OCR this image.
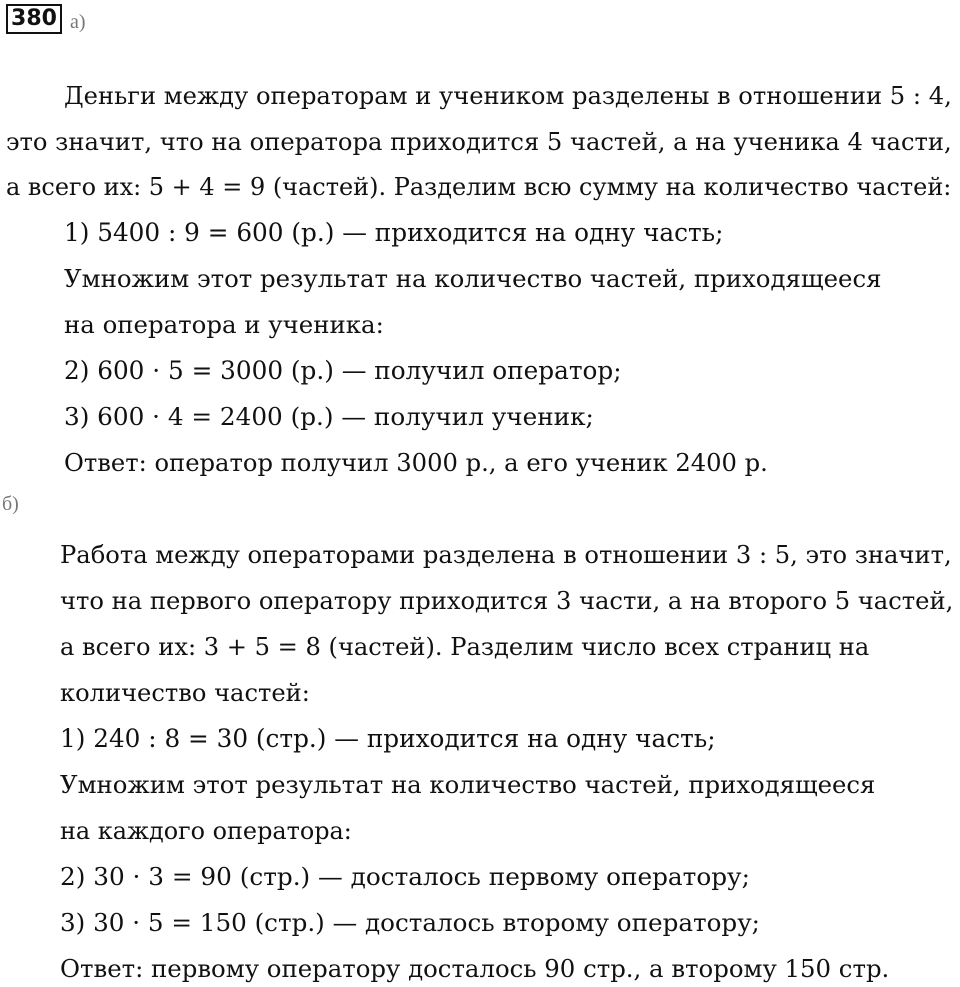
380 а)
Деньги между операторам и учеником разделены в отношении 5 : 4,
это значит, что на оператора приходится 5 частей, а на ученика 4 части,
а всего их: 5 + 4 = 9 (частей). Разделим всю сумму на количество частей:
1) 5400 : 9 = 600 (р.) — приходится на одну часть;
Умножим этот результат на количество частей, приходящееся
на оператора и ученика:
2) 600 · 5 = 3000 (р.) — получил оператор;
3) 600 · 4 = 2400 (р.) — получил ученик;
Ответ: оператор получил 3000 р., а его ученик 2400 р.
б)
Работа между операторами разделена в отношении 3 : 5, это значит,
что на первого оператору приходится 3 части, а на второго 5 частей,
а всего их: 3 + 5 = 8 (частей). Разделим число всех страниц на
количество частей:
1) 240 : 8 = 30 (стр.) — приходится на одну часть;
Умножим этот результат на количество частей, приходящееся
на каждого оператора:
2) 30 · 3 = 90 (стр.) — досталось первому оператору;
3) 30 · 5 = 150 (стр.) — досталось второму оператору;
Ответ: первому оператору досталось 90 стр., а второму 150 стр.
